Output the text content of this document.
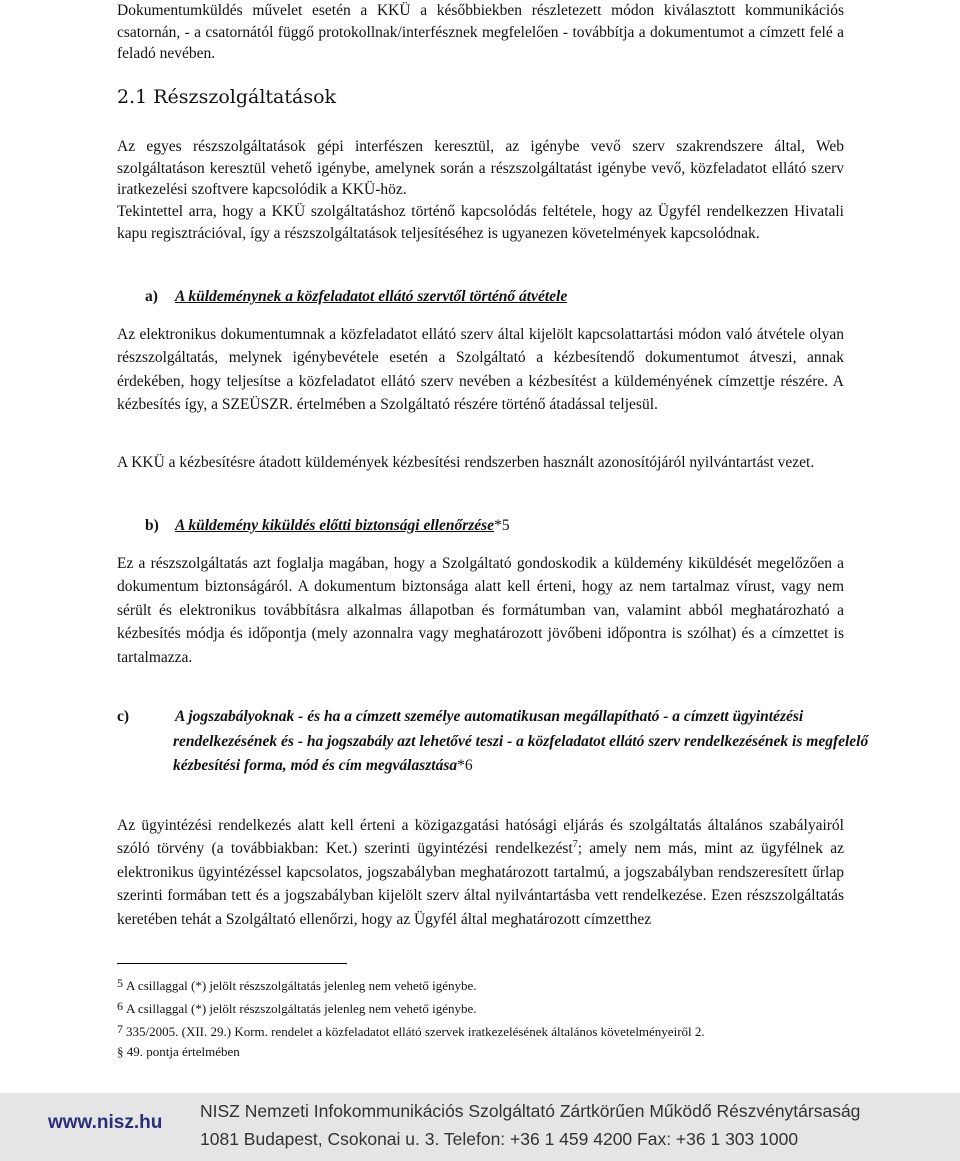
Dokumentumküldés művelet esetén a KKÜ a későbbiekben részletezett módon kiválasztott kommunikációs csatornán, - a csatornától függő protokollnak/interfésznek megfelelően - továbbítja a dokumentumot a címzett felé a feladó nevében.

2.1 Részszolgáltatások

Az egyes részszolgáltatások gépi interfészen keresztül, az igénybe vevő szerv szakrendszere által, Web szolgáltatáson keresztül vehető igénybe, amelynek során a részszolgáltatást igénybe vevő, közfeladatot ellátó szerv iratkezelési szoftvere kapcsolódik a KKÜ-höz.

Tekintettel arra, hogy a KKÜ szolgáltatáshoz történő kapcsolódás feltétele, hogy az Ügyfél rendelkezzen Hivatali kapu regisztrációval, így a részszolgáltatások teljesítéséhez is ugyanezen követelmények kapcsolódnak.

a) A küldeménynek a közfeladatot ellátó szervtől történő átvétele

Az elektronikus dokumentumnak a közfeladatot ellátó szerv által kijelölt kapcsolattartási módon való átvétele olyan részszolgáltatás, melynek igénybevétele esetén a Szolgáltató a kézbesítendő dokumentumot átveszi, annak érdekében, hogy teljesítse a közfeladatot ellátó szerv nevében a kézbesítést a küldeményének címzettje részére. A kézbesítés így, a SZEÜSZR. értelmében a Szolgáltató részére történő átadással teljesül.

A KKÜ a kézbesítésre átadott küldemények kézbesítési rendszerben használt azonosítójáról nyilvántartást vezet.

b) A küldemény kiküldés előtti biztonsági ellenőrzése*5

Ez a részszolgáltatás azt foglalja magában, hogy a Szolgáltató gondoskodik a küldemény kiküldését megelőzően a dokumentum biztonságáról. A dokumentum biztonsága alatt kell érteni, hogy az nem tartalmaz vírust, vagy nem sérült és elektronikus továbbításra alkalmas állapotban és formátumban van, valamint abból meghatározható a kézbesítés módja és időpontja (mely azonnalra vagy meghatározott jövőbeni időpontra is szólhat) és a címzettet is tartalmazza.

c)	A jogszabályoknak - és ha a címzett személye automatikusan megállapítható - a címzett ügyintézési rendelkezésének és - ha jogszabály azt lehetővé teszi - a közfeladatot ellátó szerv rendelkezésének is megfelelő kézbesítési forma, mód és cím megválasztása*6

Az ügyintézési rendelkezés alatt kell érteni a közigazgatási hatósági eljárás és szolgáltatás általános szabályairól szóló törvény (a továbbiakban: Ket.) szerinti ügyintézési rendelkezést$^7$; amely nem más, mint az ügyfélnek az elektronikus ügyintézéssel kapcsolatos, jogszabályban meghatározott tartalmú, a jogszabályban rendszeresített űrlap szerinti formában tett és a jogszabályban kijelölt szerv által nyilvántartásba vett rendelkezése. Ezen részszolgáltatás keretében tehát a Szolgáltató ellenőrzi, hogy az Ügyfél által meghatározott címzetthez

5 A csillaggal (*) jelölt részszolgáltatás jelenleg nem vehető igénybe.

6 A csillaggal (*) jelölt részszolgáltatás jelenleg nem vehető igénybe.

7 335/2005. (XII. 29.) Korm. rendelet a közfeladatot ellátó szervek iratkezelésének általános követelményeiről 2.

§ 49. pontja értelmében

www.nisz.hu
NISZ Nemzeti Infokommunikációs Szolgáltató Zártkörűen Működő Részvénytársaság
1081 Budapest, Csokonai u. 3. Telefon: +36 1 459 4200 Fax: +36 1 303 1000
